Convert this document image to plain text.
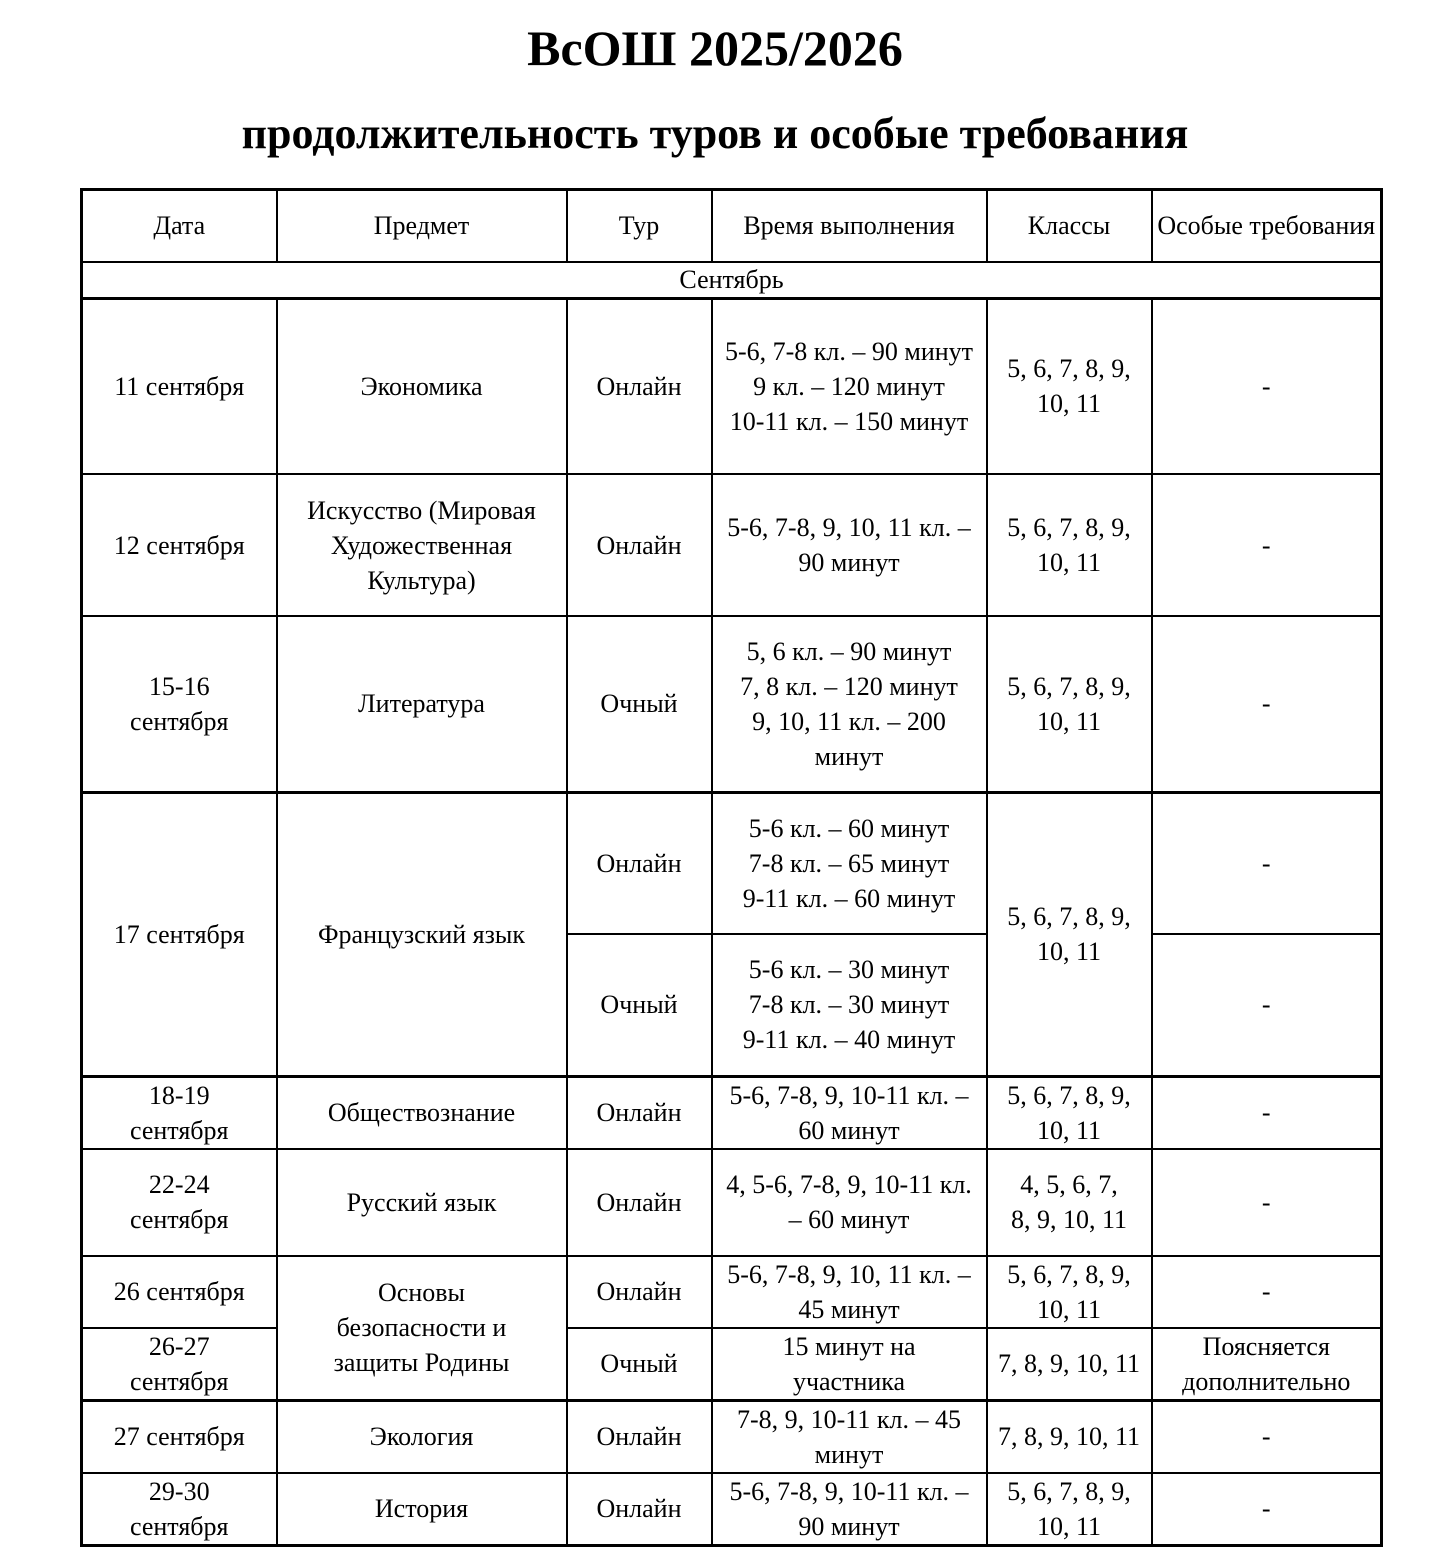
ВсОШ 2025/2026
продолжительность туров и особые требования
Дата	Предмет	Тур	Время выполнения	Классы	Особые требования
Сентябрь					
11 сентября	Экономика	Онлайн	5-6, 7-8 кл. – 90 минут
9 кл. – 120 минут
10-11 кл. – 150 минут	5, 6, 7, 8, 9, 10, 11	-
12 сентября	Искусство (Мировая Художественная Культура)	Онлайн	5-6, 7-8, 9, 10, 11 кл. – 90 минут	5, 6, 7, 8, 9, 10, 11	-
15-16 сентября	Литература	Очный	5, 6 кл. – 90 минут
7, 8 кл. – 120 минут
9, 10, 11 кл. – 200 минут	5, 6, 7, 8, 9, 10, 11	-
17 сентября	Французский язык	Онлайн	5-6 кл. – 60 минут
7-8 кл. – 65 минут
9-11 кл. – 60 минут	5, 6, 7, 8, 9, 10, 11	-
		Очный	5-6 кл. – 30 минут
7-8 кл. – 30 минут
9-11 кл. – 40 минут		-
18-19 сентября	Обществознание	Онлайн	5-6, 7-8, 9, 10-11 кл. – 60 минут	5, 6, 7, 8, 9, 10, 11	-
22-24 сентября	Русский язык	Онлайн	4, 5-6, 7-8, 9, 10-11 кл. – 60 минут	4, 5, 6, 7, 8, 9, 10, 11	-
26 сентября	Основы безопасности и защиты Родины	Онлайн	5-6, 7-8, 9, 10, 11 кл. – 45 минут	5, 6, 7, 8, 9, 10, 11	-
26-27 сентября		Очный	15 минут на участника	7, 8, 9, 10, 11	Поясняется дополнительно
27 сентября	Экология	Онлайн	7-8, 9, 10-11 кл. – 45 минут	7, 8, 9, 10, 11	-
29-30 сентября	История	Онлайн	5-6, 7-8, 9, 10-11 кл. – 90 минут	5, 6, 7, 8, 9, 10, 11	-
